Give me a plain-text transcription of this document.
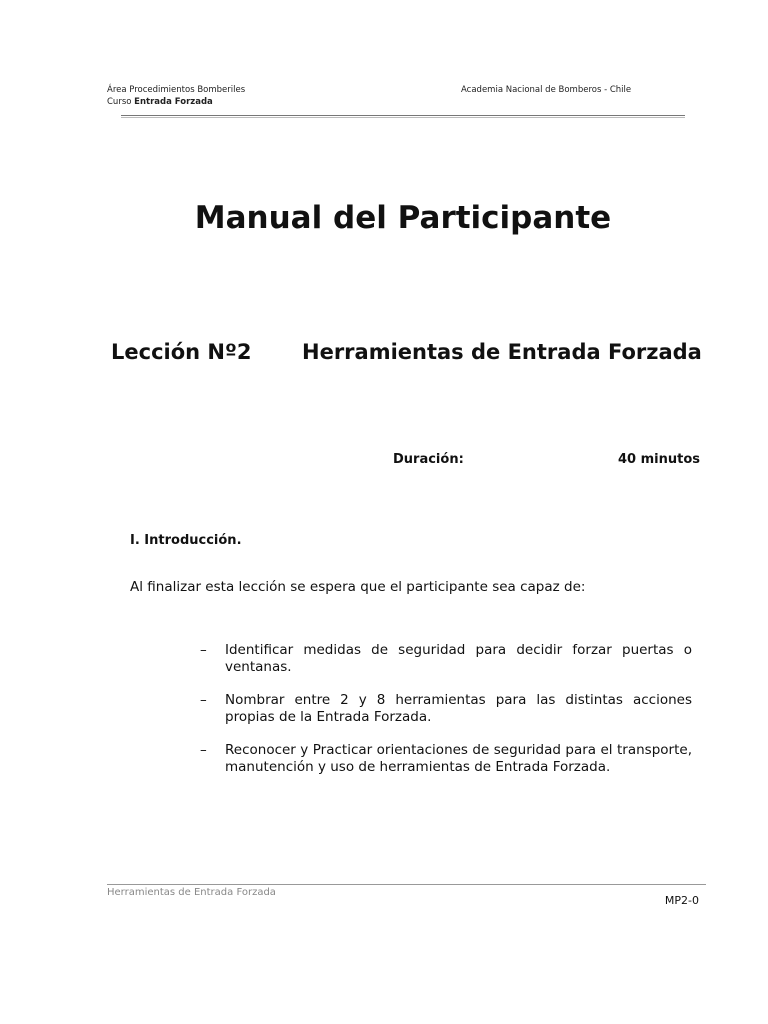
Área Procedimientos Bomberiles
Curso Entrada Forzada
Academia Nacional de Bomberos - Chile
Manual del Participante
Lección Nº2 Herramientas de Entrada Forzada
Duración:	40 minutos
I. Introducción.
Al finalizar esta lección se espera que el participante sea capaz de:
– Identificar medidas de seguridad para decidir forzar puertas o ventanas.
– Nombrar entre 2 y 8 herramientas para las distintas acciones propias de la Entrada Forzada.
– Reconocer y Practicar orientaciones de seguridad para el transporte, manutención y uso de herramientas de Entrada Forzada.
Herramientas de Entrada Forzada
MP2-0
